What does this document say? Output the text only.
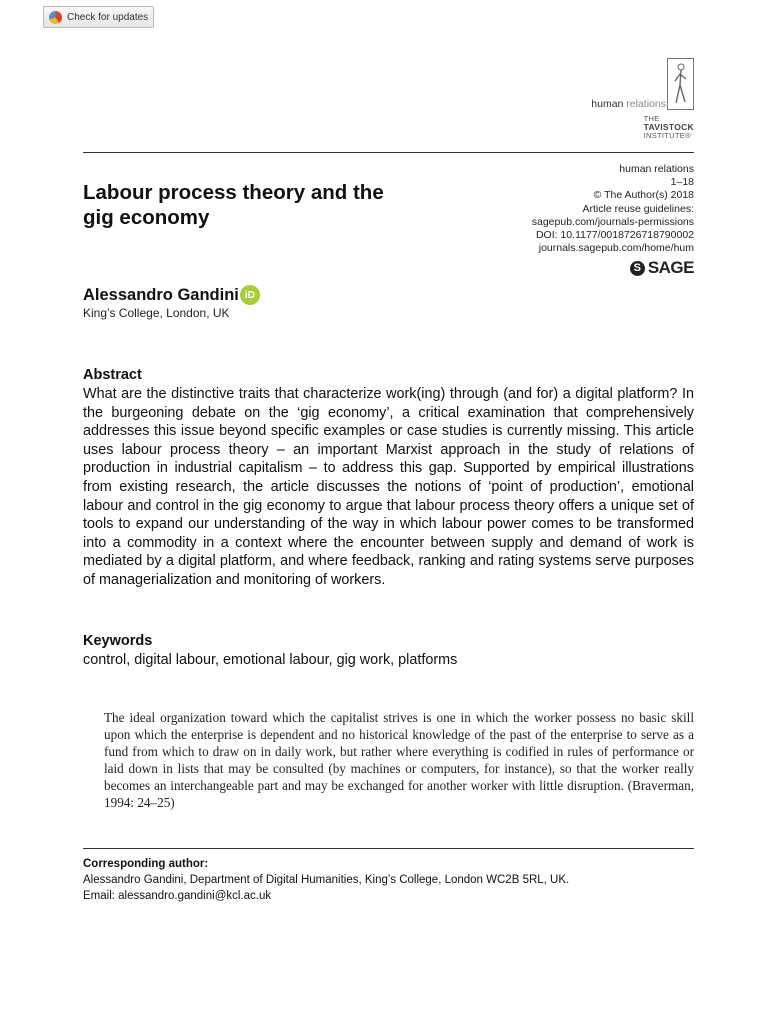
Check for updates
human relations
THE
TAVISTOCK
INSTITUTE®
human relations
1–18
© The Author(s) 2018
Article reuse guidelines:
sagepub.com/journals-permissions
DOI: 10.1177/0018726718790002
journals.sagepub.com/home/hum
S SAGE
Labour process theory and the
gig economy
Alessandro Gandini iD
King’s College, London, UK
Abstract
What are the distinctive traits that characterize work(ing) through (and for) a digital platform? In the burgeoning debate on the ‘gig economy’, a critical examination that comprehensively addresses this issue beyond specific examples or case studies is currently missing. This article uses labour process theory – an important Marxist approach in the study of relations of production in industrial capitalism – to address this gap. Supported by empirical illustrations from existing research, the article discusses the notions of ‘point of production’, emotional labour and control in the gig economy to argue that labour process theory offers a unique set of tools to expand our understanding of the way in which labour power comes to be transformed into a commodity in a context where the encounter between supply and demand of work is mediated by a digital platform, and where feedback, ranking and rating systems serve purposes of managerialization and monitoring of workers.
Keywords
control, digital labour, emotional labour, gig work, platforms
The ideal organization toward which the capitalist strives is one in which the worker possess no basic skill upon which the enterprise is dependent and no historical knowledge of the past of the enterprise to serve as a fund from which to draw on in daily work, but rather where everything is codified in rules of performance or laid down in lists that may be consulted (by machines or computers, for instance), so that the worker really becomes an interchangeable part and may be exchanged for another worker with little disruption. (Braverman, 1994: 24–25)
Corresponding author:
Alessandro Gandini, Department of Digital Humanities, King’s College, London WC2B 5RL, UK.
Email: alessandro.gandini@kcl.ac.uk
